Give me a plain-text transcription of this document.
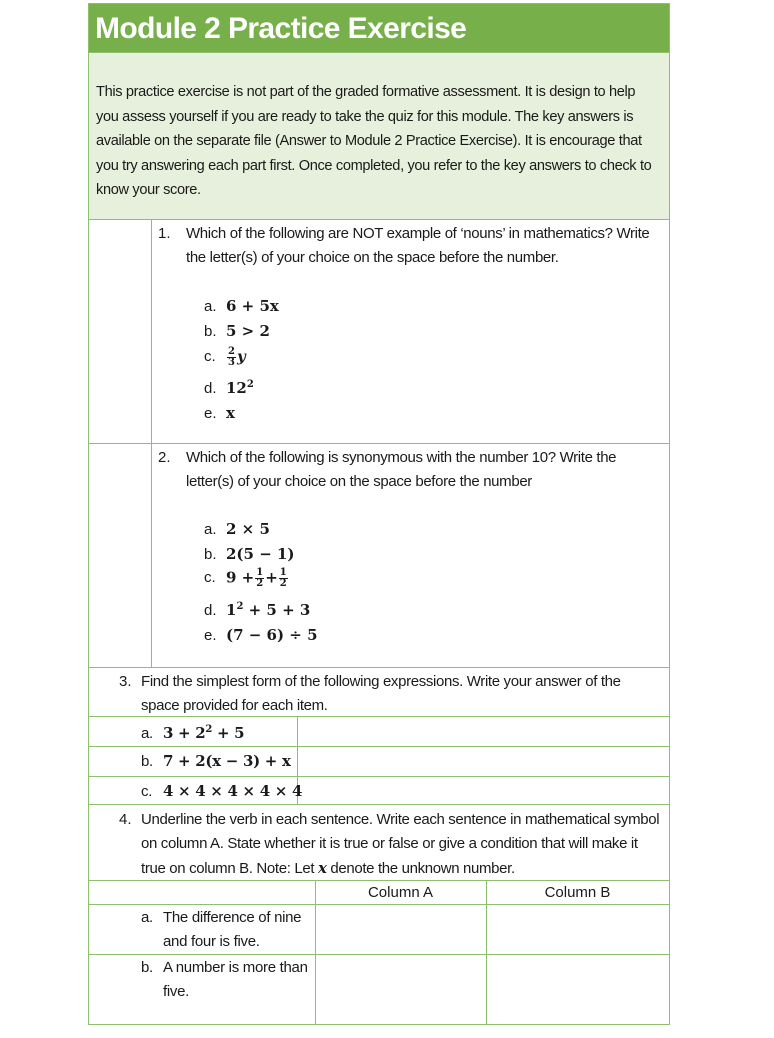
Module 2 Practice Exercise

This practice exercise is not part of the graded formative assessment. It is design to help you assess yourself if you are ready to take the quiz for this module. The key answers is available on the separate file (Answer to Module 2 Practice Exercise). It is encourage that you try answering each part first. Once completed, you refer to the key answers to check to know your score.

1. Which of the following are NOT example of ‘nouns’ in mathematics? Write the letter(s) of your choice on the space before the number.
a. 6 + 5x
b. 5 > 2
c. $\frac{2}{3}$ y
d. $12^2$
e. x
2. Which of the following is synonymous with the number 10? Write the letter(s) of your choice on the space before the number
a. 2 × 5
b. 2(5 − 1)
c. $9 + \frac{1}{2} + \frac{1}{2}$
d. $1^2 + 5 + 3$
e. (7 − 6) ÷ 5
3. Find the simplest form of the following expressions. Write your answer of the space provided for each item.
a. $3 + 2^2 + 5$
b. 7 + 2(x − 3) + x
c. 4 × 4 × 4 × 4 × 4
4. Underline the verb in each sentence. Write each sentence in mathematical symbol on column A. State whether it is true or false or give a condition that will make it true on column B. Note: Let x denote the unknown number.
Column A	Column B
a. The difference of nine and four is five.
b. A number is more than five.
